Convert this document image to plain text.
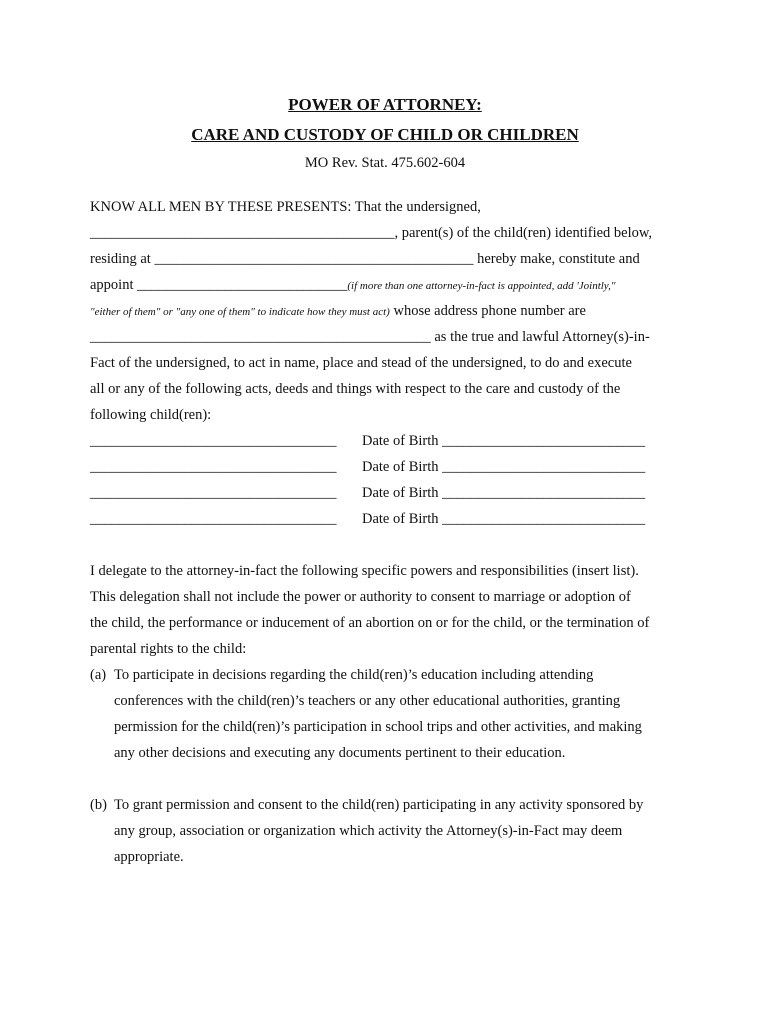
POWER OF ATTORNEY:
CARE AND CUSTODY OF CHILD OR CHILDREN
MO Rev. Stat. 475.602-604
KNOW ALL MEN BY THESE PRESENTS: That the undersigned,
__________________________________________, parent(s) of the child(ren) identified below,
residing at ____________________________________________ hereby make, constitute and
appoint _____________________________(if more than one attorney-in-fact is appointed, add 'Jointly,"
"either of them" or "any one of them" to indicate how they must act) whose address phone number are
_______________________________________________ as the true and lawful Attorney(s)-in-
Fact of the undersigned, to act in name, place and stead of the undersigned, to do and execute
all or any of the following acts, deeds and things with respect to the care and custody of the
following child(ren):
__________________________________ Date of Birth ____________________________
__________________________________ Date of Birth ____________________________
__________________________________ Date of Birth ____________________________
__________________________________ Date of Birth ____________________________
I delegate to the attorney-in-fact the following specific powers and responsibilities (insert list).
This delegation shall not include the power or authority to consent to marriage or adoption of
the child, the performance or inducement of an abortion on or for the child, or the termination of
parental rights to the child:
(a) To participate in decisions regarding the child(ren)’s education including attending
conferences with the child(ren)’s teachers or any other educational authorities, granting
permission for the child(ren)’s participation in school trips and other activities, and making
any other decisions and executing any documents pertinent to their education.
(b) To grant permission and consent to the child(ren) participating in any activity sponsored by
any group, association or organization which activity the Attorney(s)-in-Fact may deem
appropriate.
